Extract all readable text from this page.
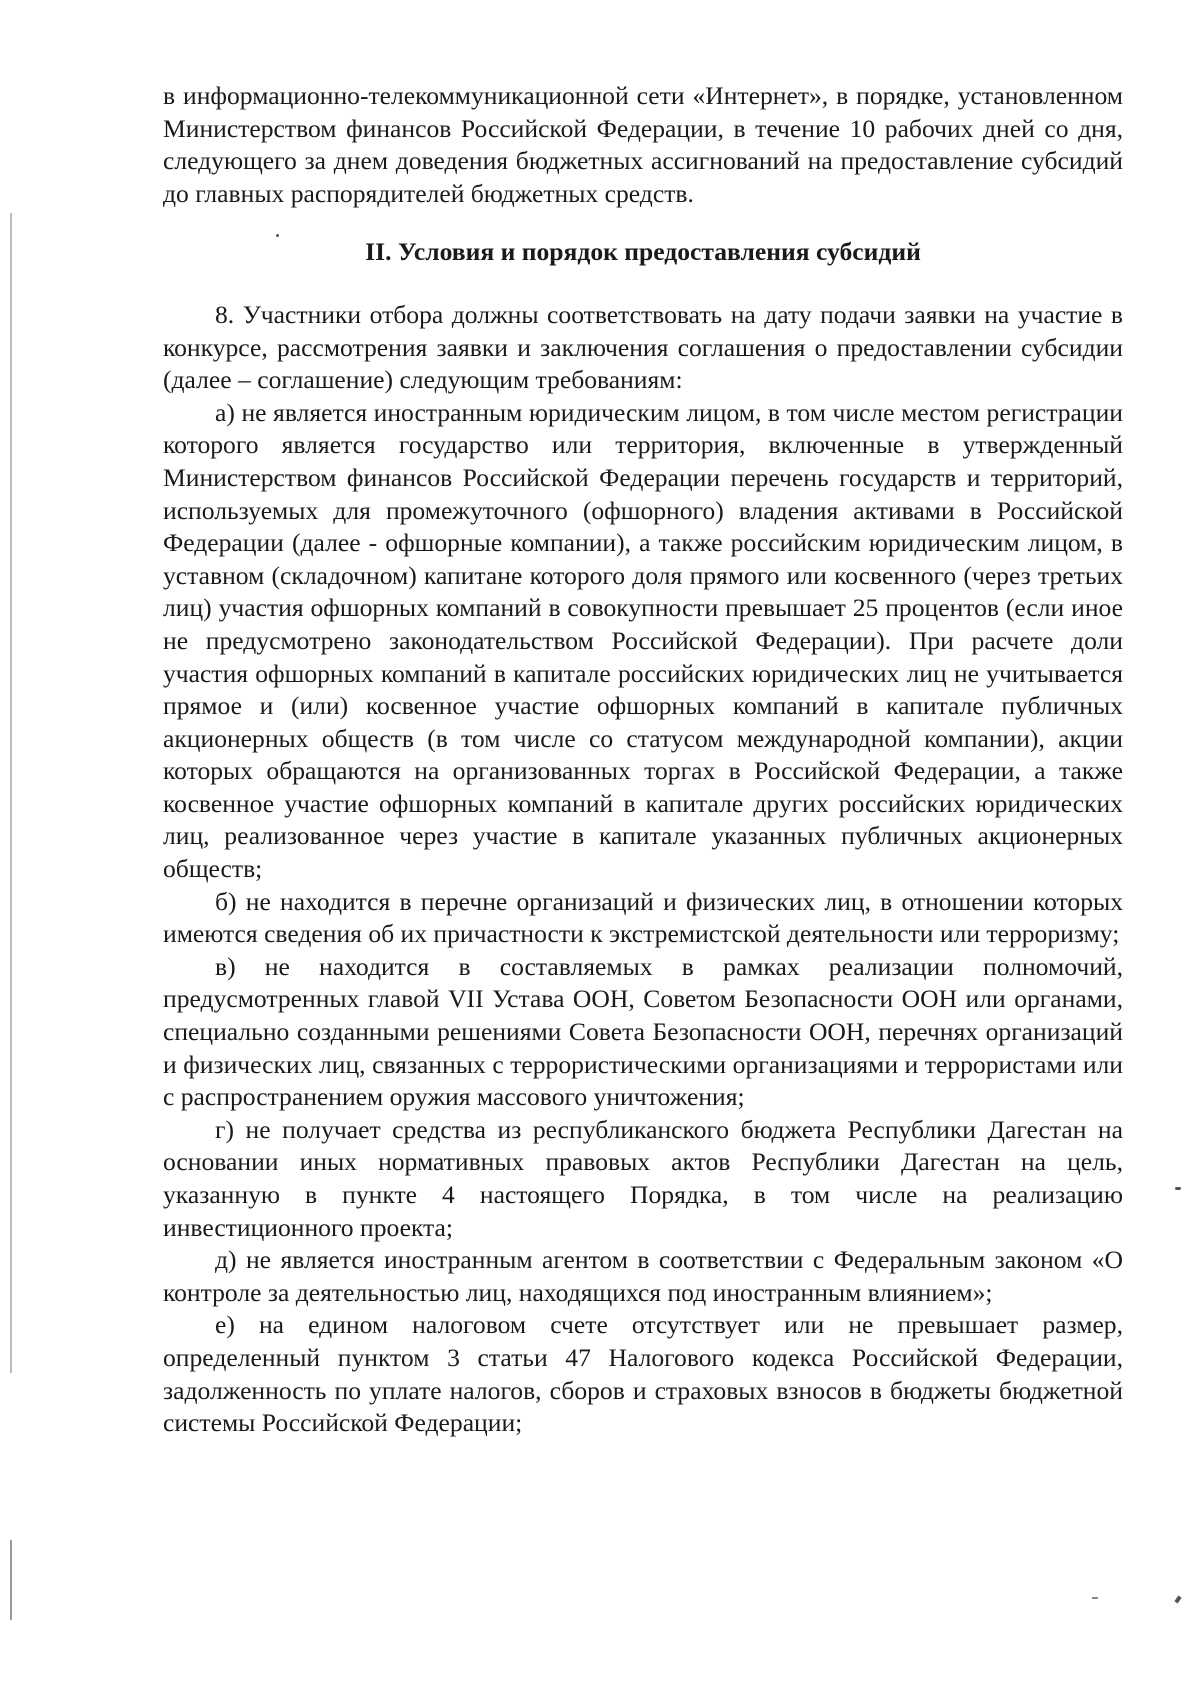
в информационно-телекоммуникационной сети «Интернет», в порядке, установленном Министерством финансов Российской Федерации, в течение 10 рабочих дней со дня, следующего за днем доведения бюджетных ассигнований на предоставление субсидий до главных распорядителей бюджетных средств.

II. Условия и порядок предоставления субсидий

8. Участники отбора должны соответствовать на дату подачи заявки на участие в конкурсе, рассмотрения заявки и заключения соглашения о предоставлении субсидии (далее – соглашение) следующим требованиям:

а) не является иностранным юридическим лицом, в том числе местом регистрации которого является государство или территория, включенные в утвержденный Министерством финансов Российской Федерации перечень государств и территорий, используемых для промежуточного (офшорного) владения активами в Российской Федерации (далее - офшорные компании), а также российским юридическим лицом, в уставном (складочном) капитане которого доля прямого или косвенного (через третьих лиц) участия офшорных компаний в совокупности превышает 25 процентов (если иное не предусмотрено законодательством Российской Федерации). При расчете доли участия офшорных компаний в капитале российских юридических лиц не учитывается прямое и (или) косвенное участие офшорных компаний в капитале публичных акционерных обществ (в том числе со статусом международной компании), акции которых обращаются на организованных торгах в Российской Федерации, а также косвенное участие офшорных компаний в капитале других российских юридических лиц, реализованное через участие в капитале указанных публичных акционерных обществ;

б) не находится в перечне организаций и физических лиц, в отношении которых имеются сведения об их причастности к экстремистской деятельности или терроризму;

в) не находится в составляемых в рамках реализации полномочий, предусмотренных главой VII Устава ООН, Советом Безопасности ООН или органами, специально созданными решениями Совета Безопасности ООН, перечнях организаций и физических лиц, связанных с террористическими организациями и террористами или с распространением оружия массового уничтожения;

г) не получает средства из республиканского бюджета Республики Дагестан на основании иных нормативных правовых актов Республики Дагестан на цель, указанную в пункте 4 настоящего Порядка, в том числе на реализацию инвестиционного проекта;

д) не является иностранным агентом в соответствии с Федеральным законом «О контроле за деятельностью лиц, находящихся под иностранным влиянием»;

е) на едином налоговом счете отсутствует или не превышает размер, определенный пунктом 3 статьи 47 Налогового кодекса Российской Федерации, задолженность по уплате налогов, сборов и страховых взносов в бюджеты бюджетной системы Российской Федерации;
